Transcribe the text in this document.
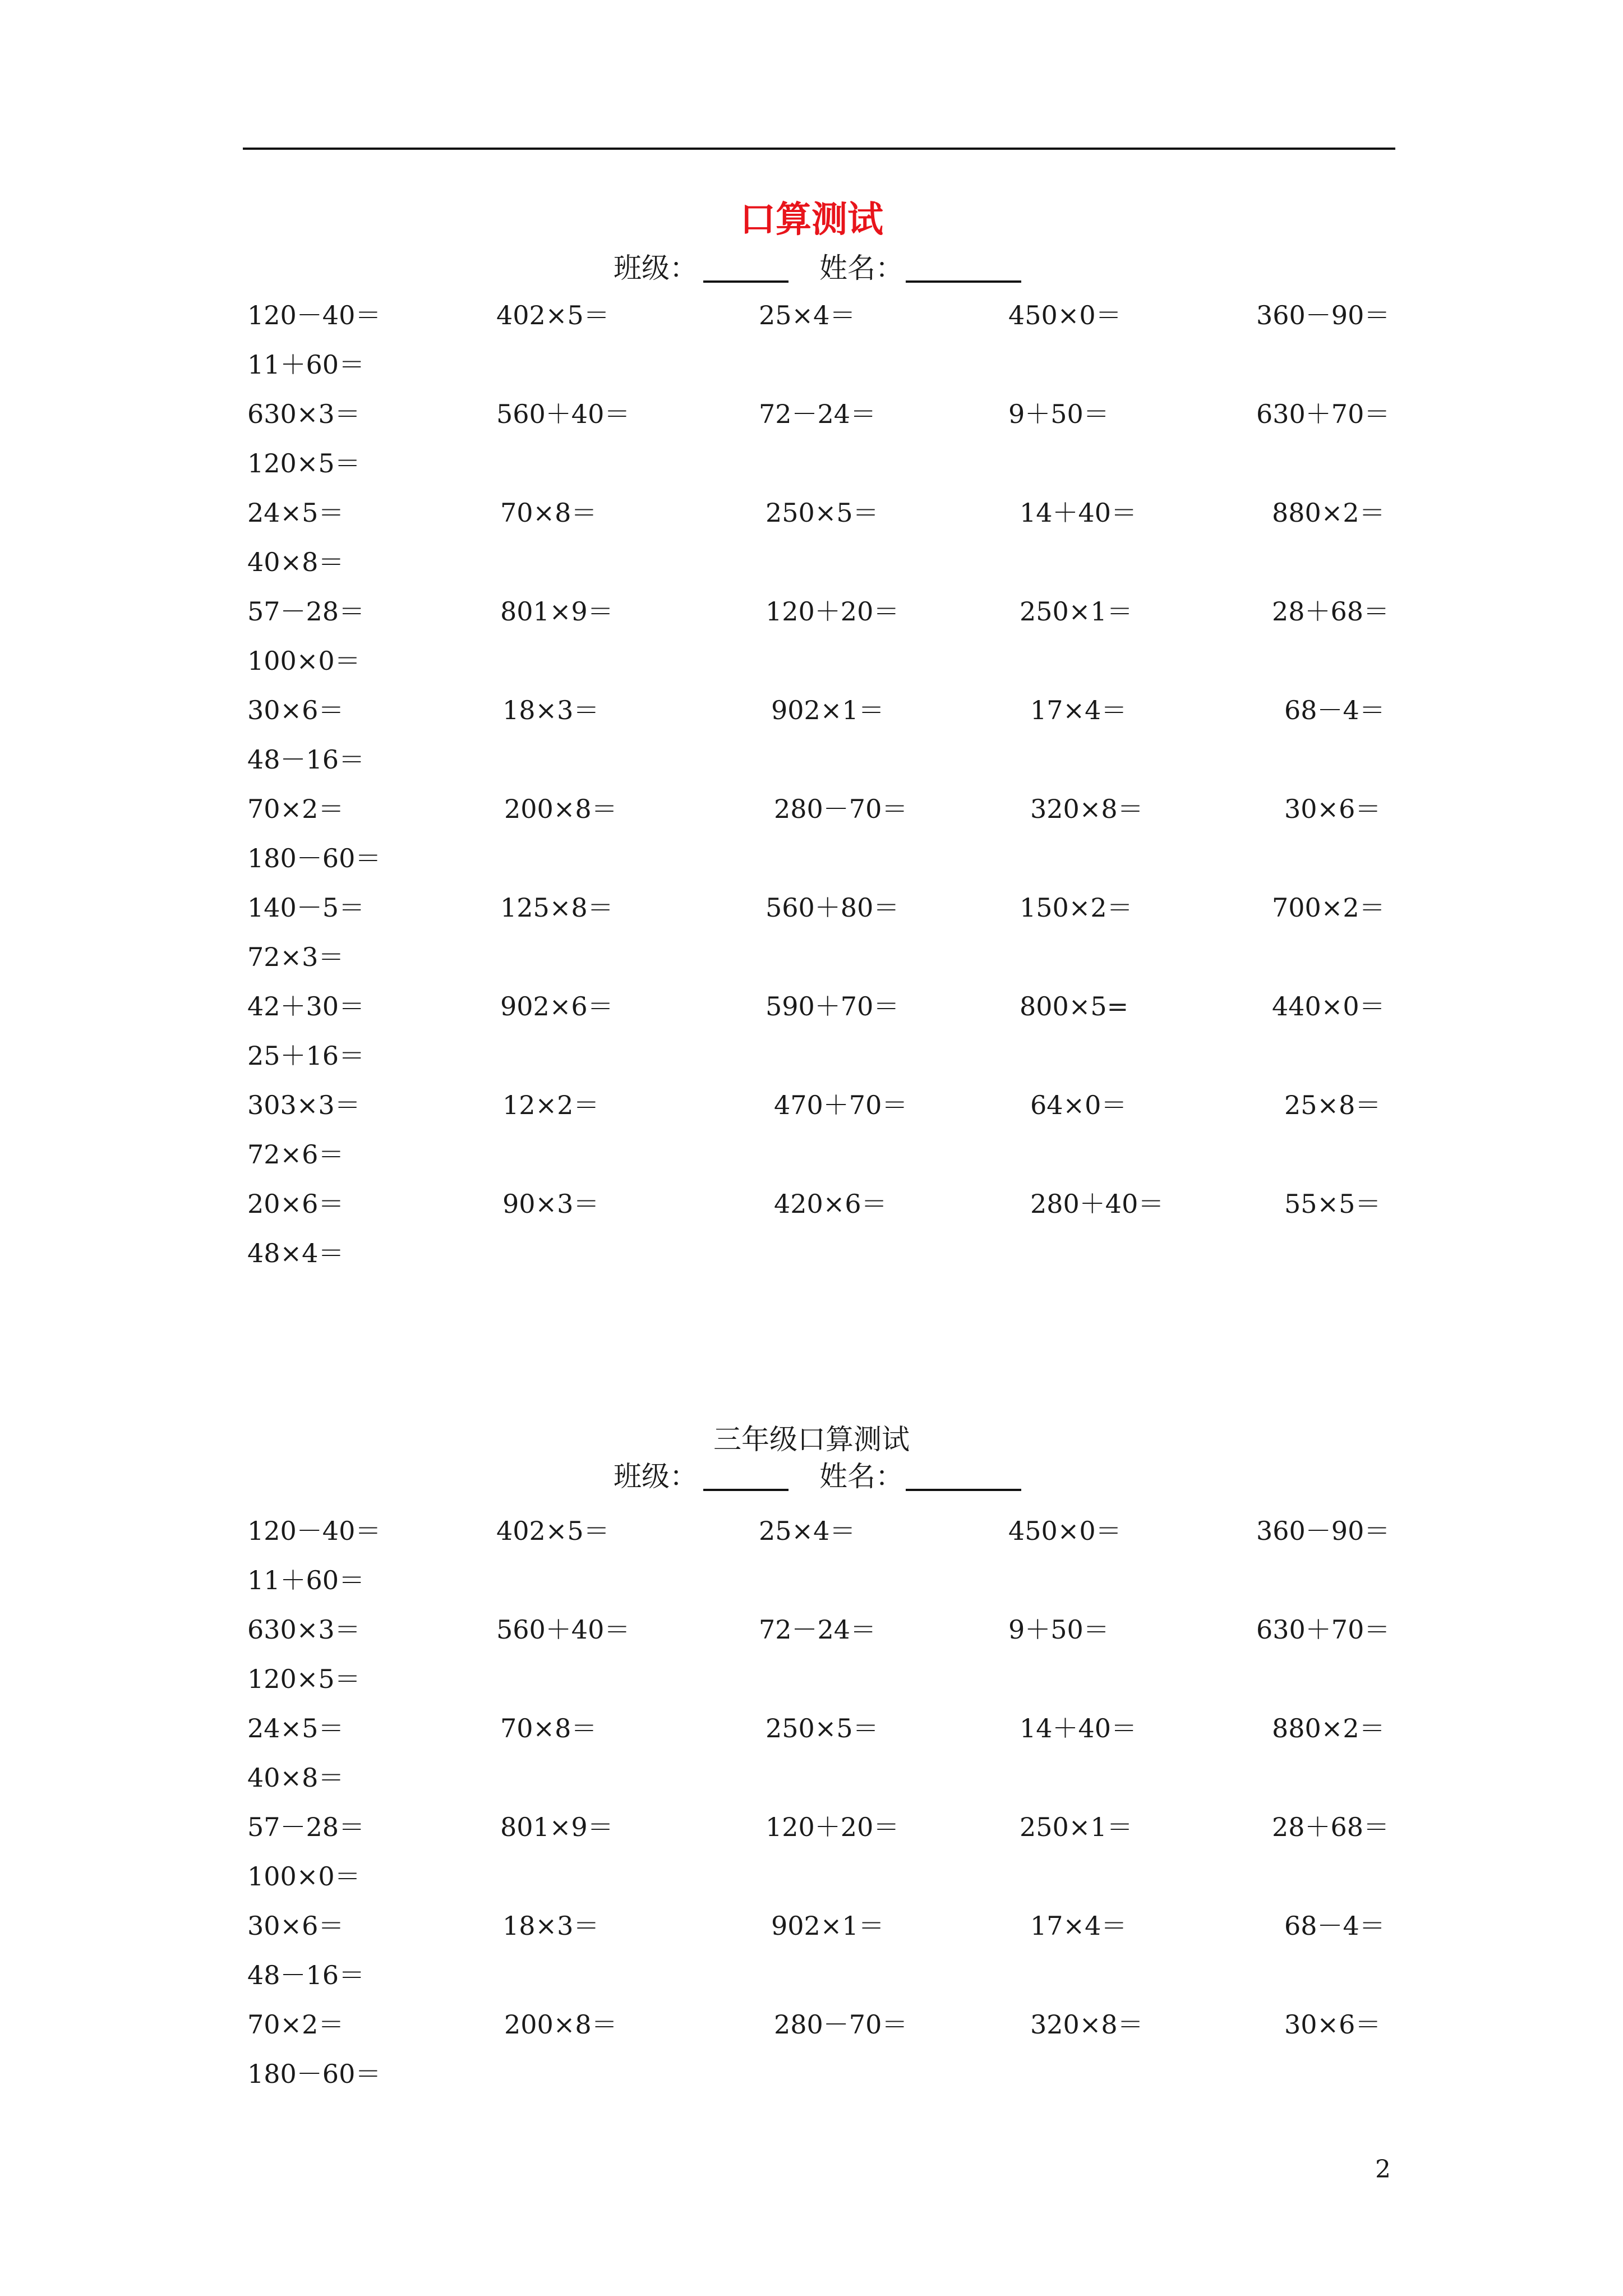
口算测试
班级：	姓名：
120－40＝	402×5＝	25×4＝	450×0＝	360－90＝
11＋60＝
630×3＝	560＋40＝	72－24＝	9＋50＝	630＋70＝
120×5＝
24×5＝	70×8＝	250×5＝	14＋40＝	880×2＝
40×8＝
57－28＝	801×9＝	120＋20＝	250×1＝	28＋68＝
100×0＝
30×6＝	18×3＝	902×1＝	17×4＝	68－4＝
48－16＝
70×2＝	200×8＝	280－70＝	320×8＝	30×6＝
180－60＝
140－5＝	125×8＝	560＋80＝	150×2＝	700×2＝
72×3＝
42＋30＝	902×6＝	590＋70＝	800×5=	440×0＝
25＋16＝
303×3＝	12×2＝	470＋70＝	64×0＝	25×8＝
72×6＝
20×6＝	90×3＝	420×6＝	280＋40＝	55×5＝
48×4＝
三年级口算测试
班级：	姓名：
120－40＝	402×5＝	25×4＝	450×0＝	360－90＝
11＋60＝
630×3＝	560＋40＝	72－24＝	9＋50＝	630＋70＝
120×5＝
24×5＝	70×8＝	250×5＝	14＋40＝	880×2＝
40×8＝
57－28＝	801×9＝	120＋20＝	250×1＝	28＋68＝
100×0＝
30×6＝	18×3＝	902×1＝	17×4＝	68－4＝
48－16＝
70×2＝	200×8＝	280－70＝	320×8＝	30×6＝
180－60＝
2
